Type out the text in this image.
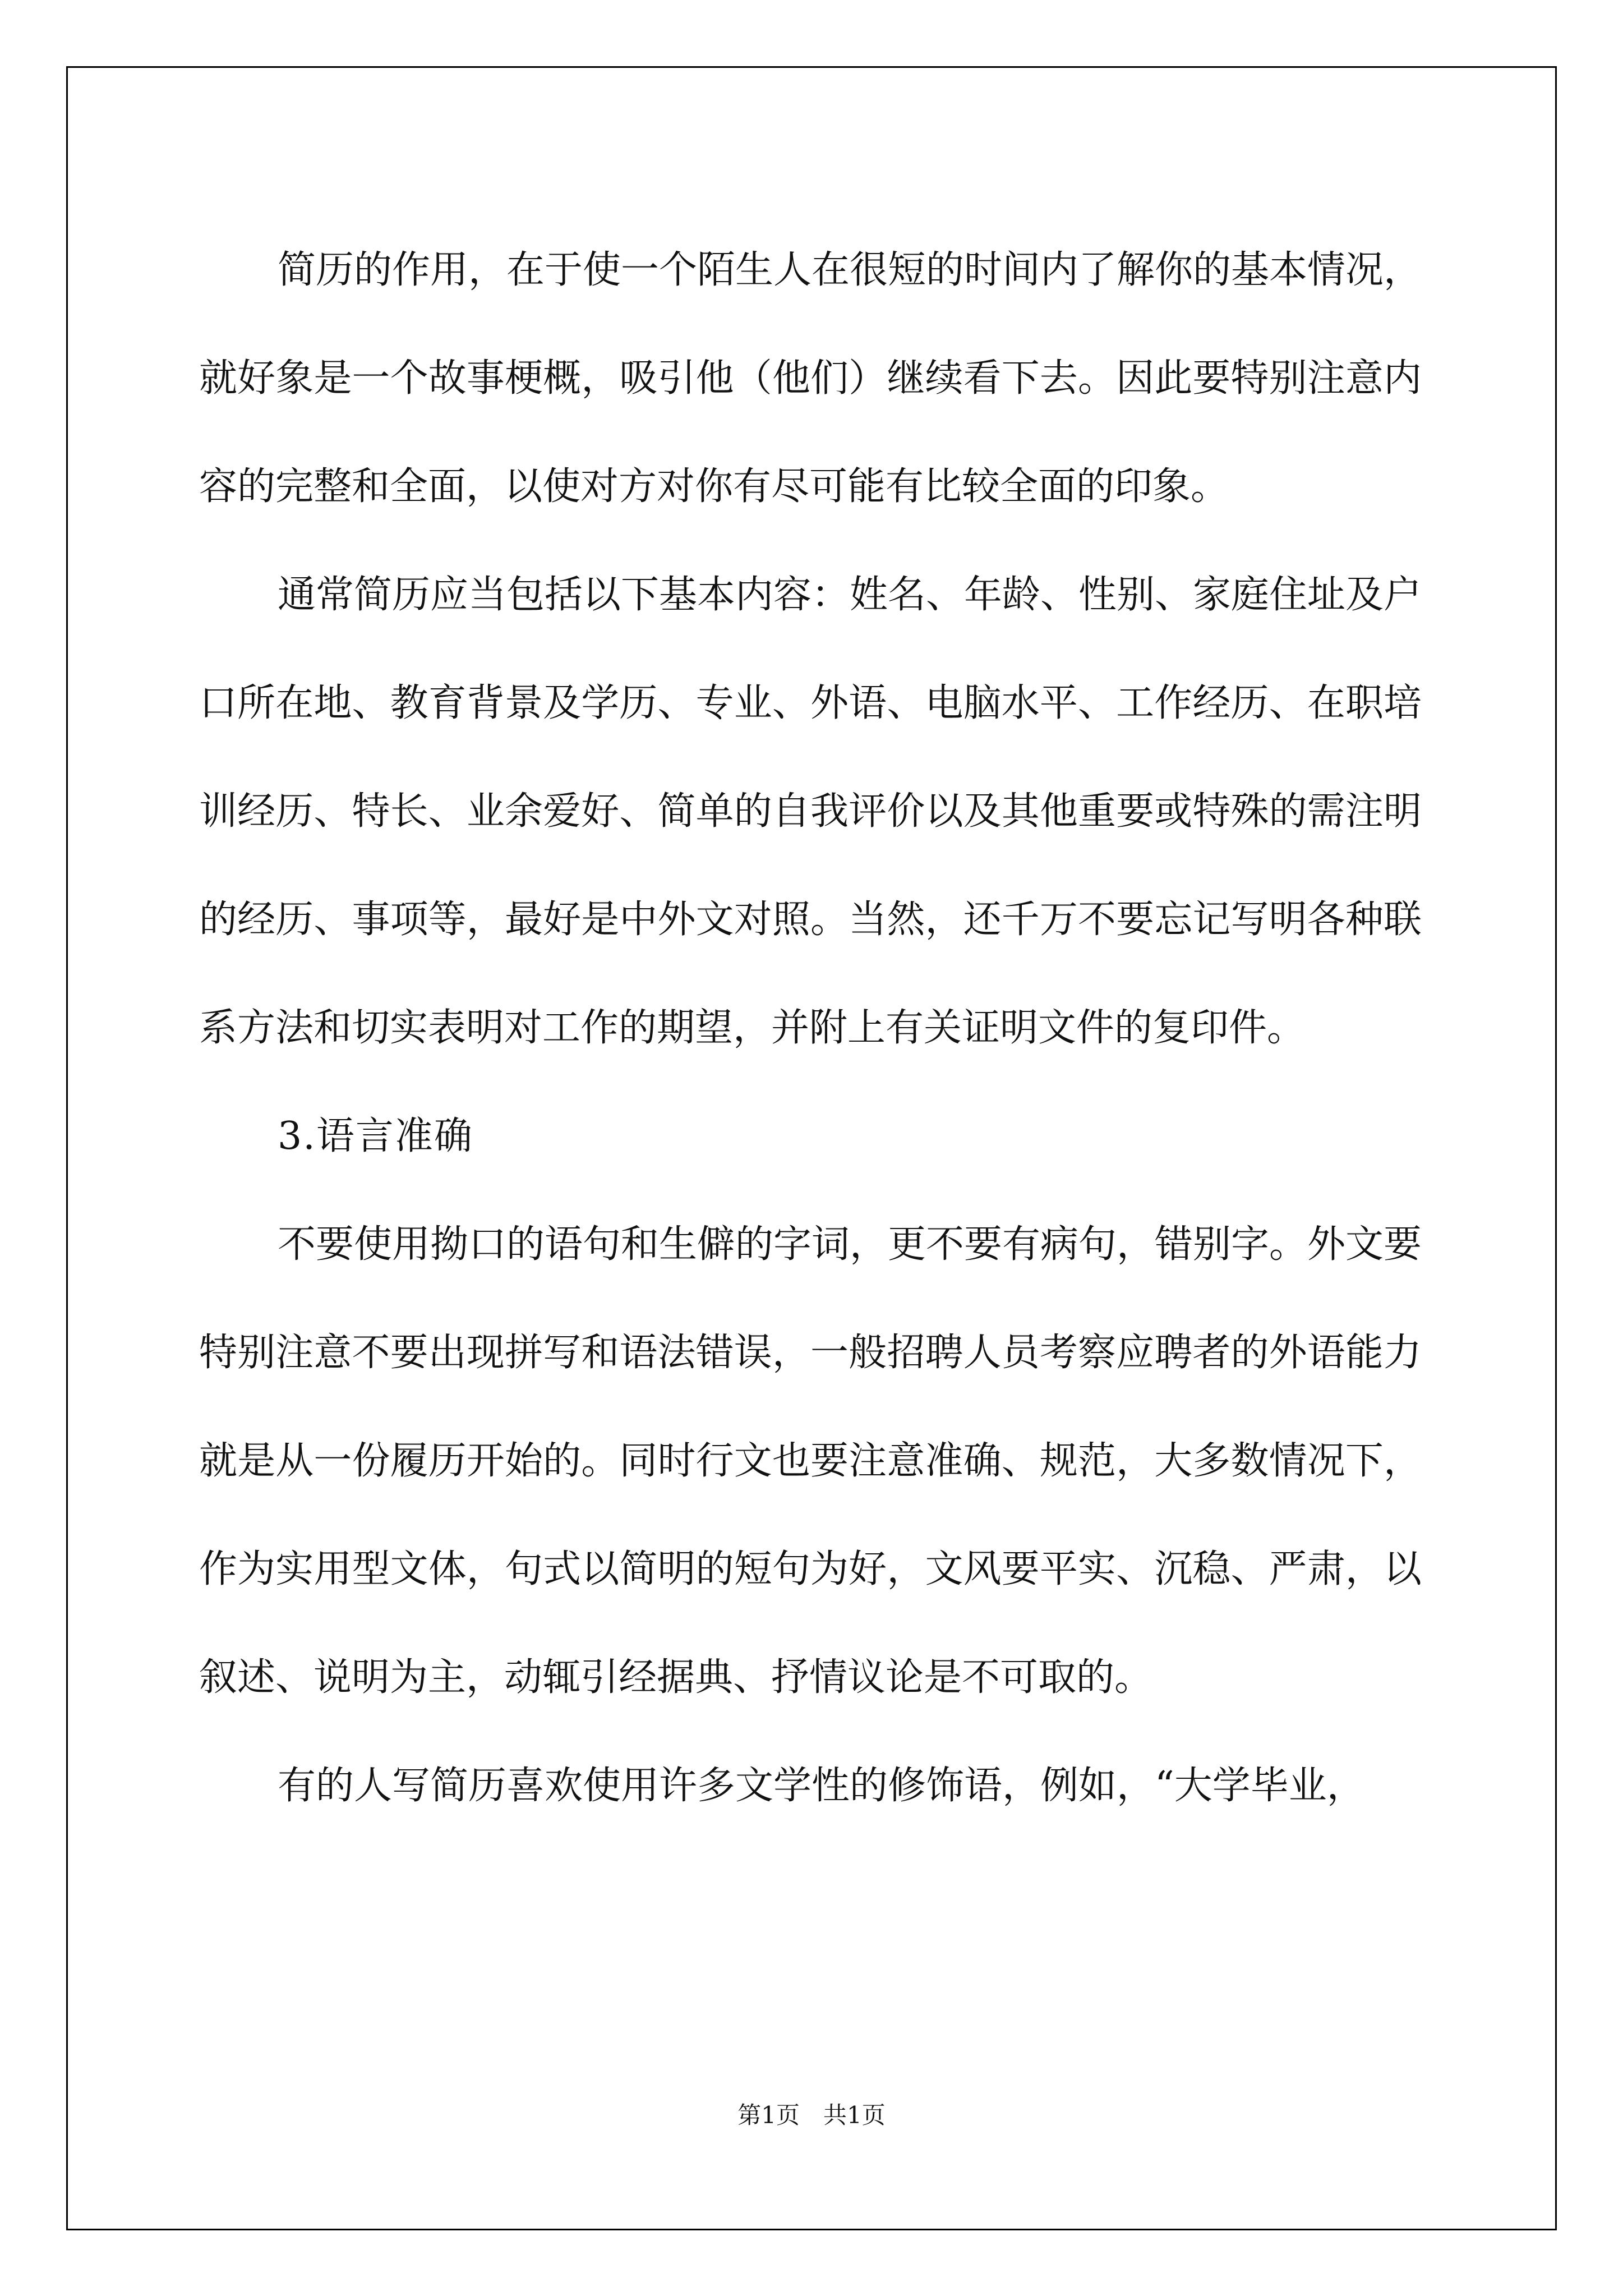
简历的作用，在于使一个陌生人在很短的时间内了解你的基本情况，就好象是一个故事梗概，吸引他（他们）继续看下去。因此要特别注意内容的完整和全面，以使对方对你有尽可能有比较全面的印象。

通常简历应当包括以下基本内容：姓名、年龄、性别、家庭住址及户口所在地、教育背景及学历、专业、外语、电脑水平、工作经历、在职培训经历、特长、业余爱好、简单的自我评价以及其他重要或特殊的需注明的经历、事项等，最好是中外文对照。当然，还千万不要忘记写明各种联系方法和切实表明对工作的期望，并附上有关证明文件的复印件。

3.语言准确

不要使用拗口的语句和生僻的字词，更不要有病句，错别字。外文要特别注意不要出现拼写和语法错误，一般招聘人员考察应聘者的外语能力就是从一份履历开始的。同时行文也要注意准确、规范，大多数情况下，作为实用型文体，句式以简明的短句为好，文风要平实、沉稳、严肃，以叙述、说明为主，动辄引经据典、抒情议论是不可取的。

有的人写简历喜欢使用许多文学性的修饰语，例如，“大学毕业，

第1页　共1页
